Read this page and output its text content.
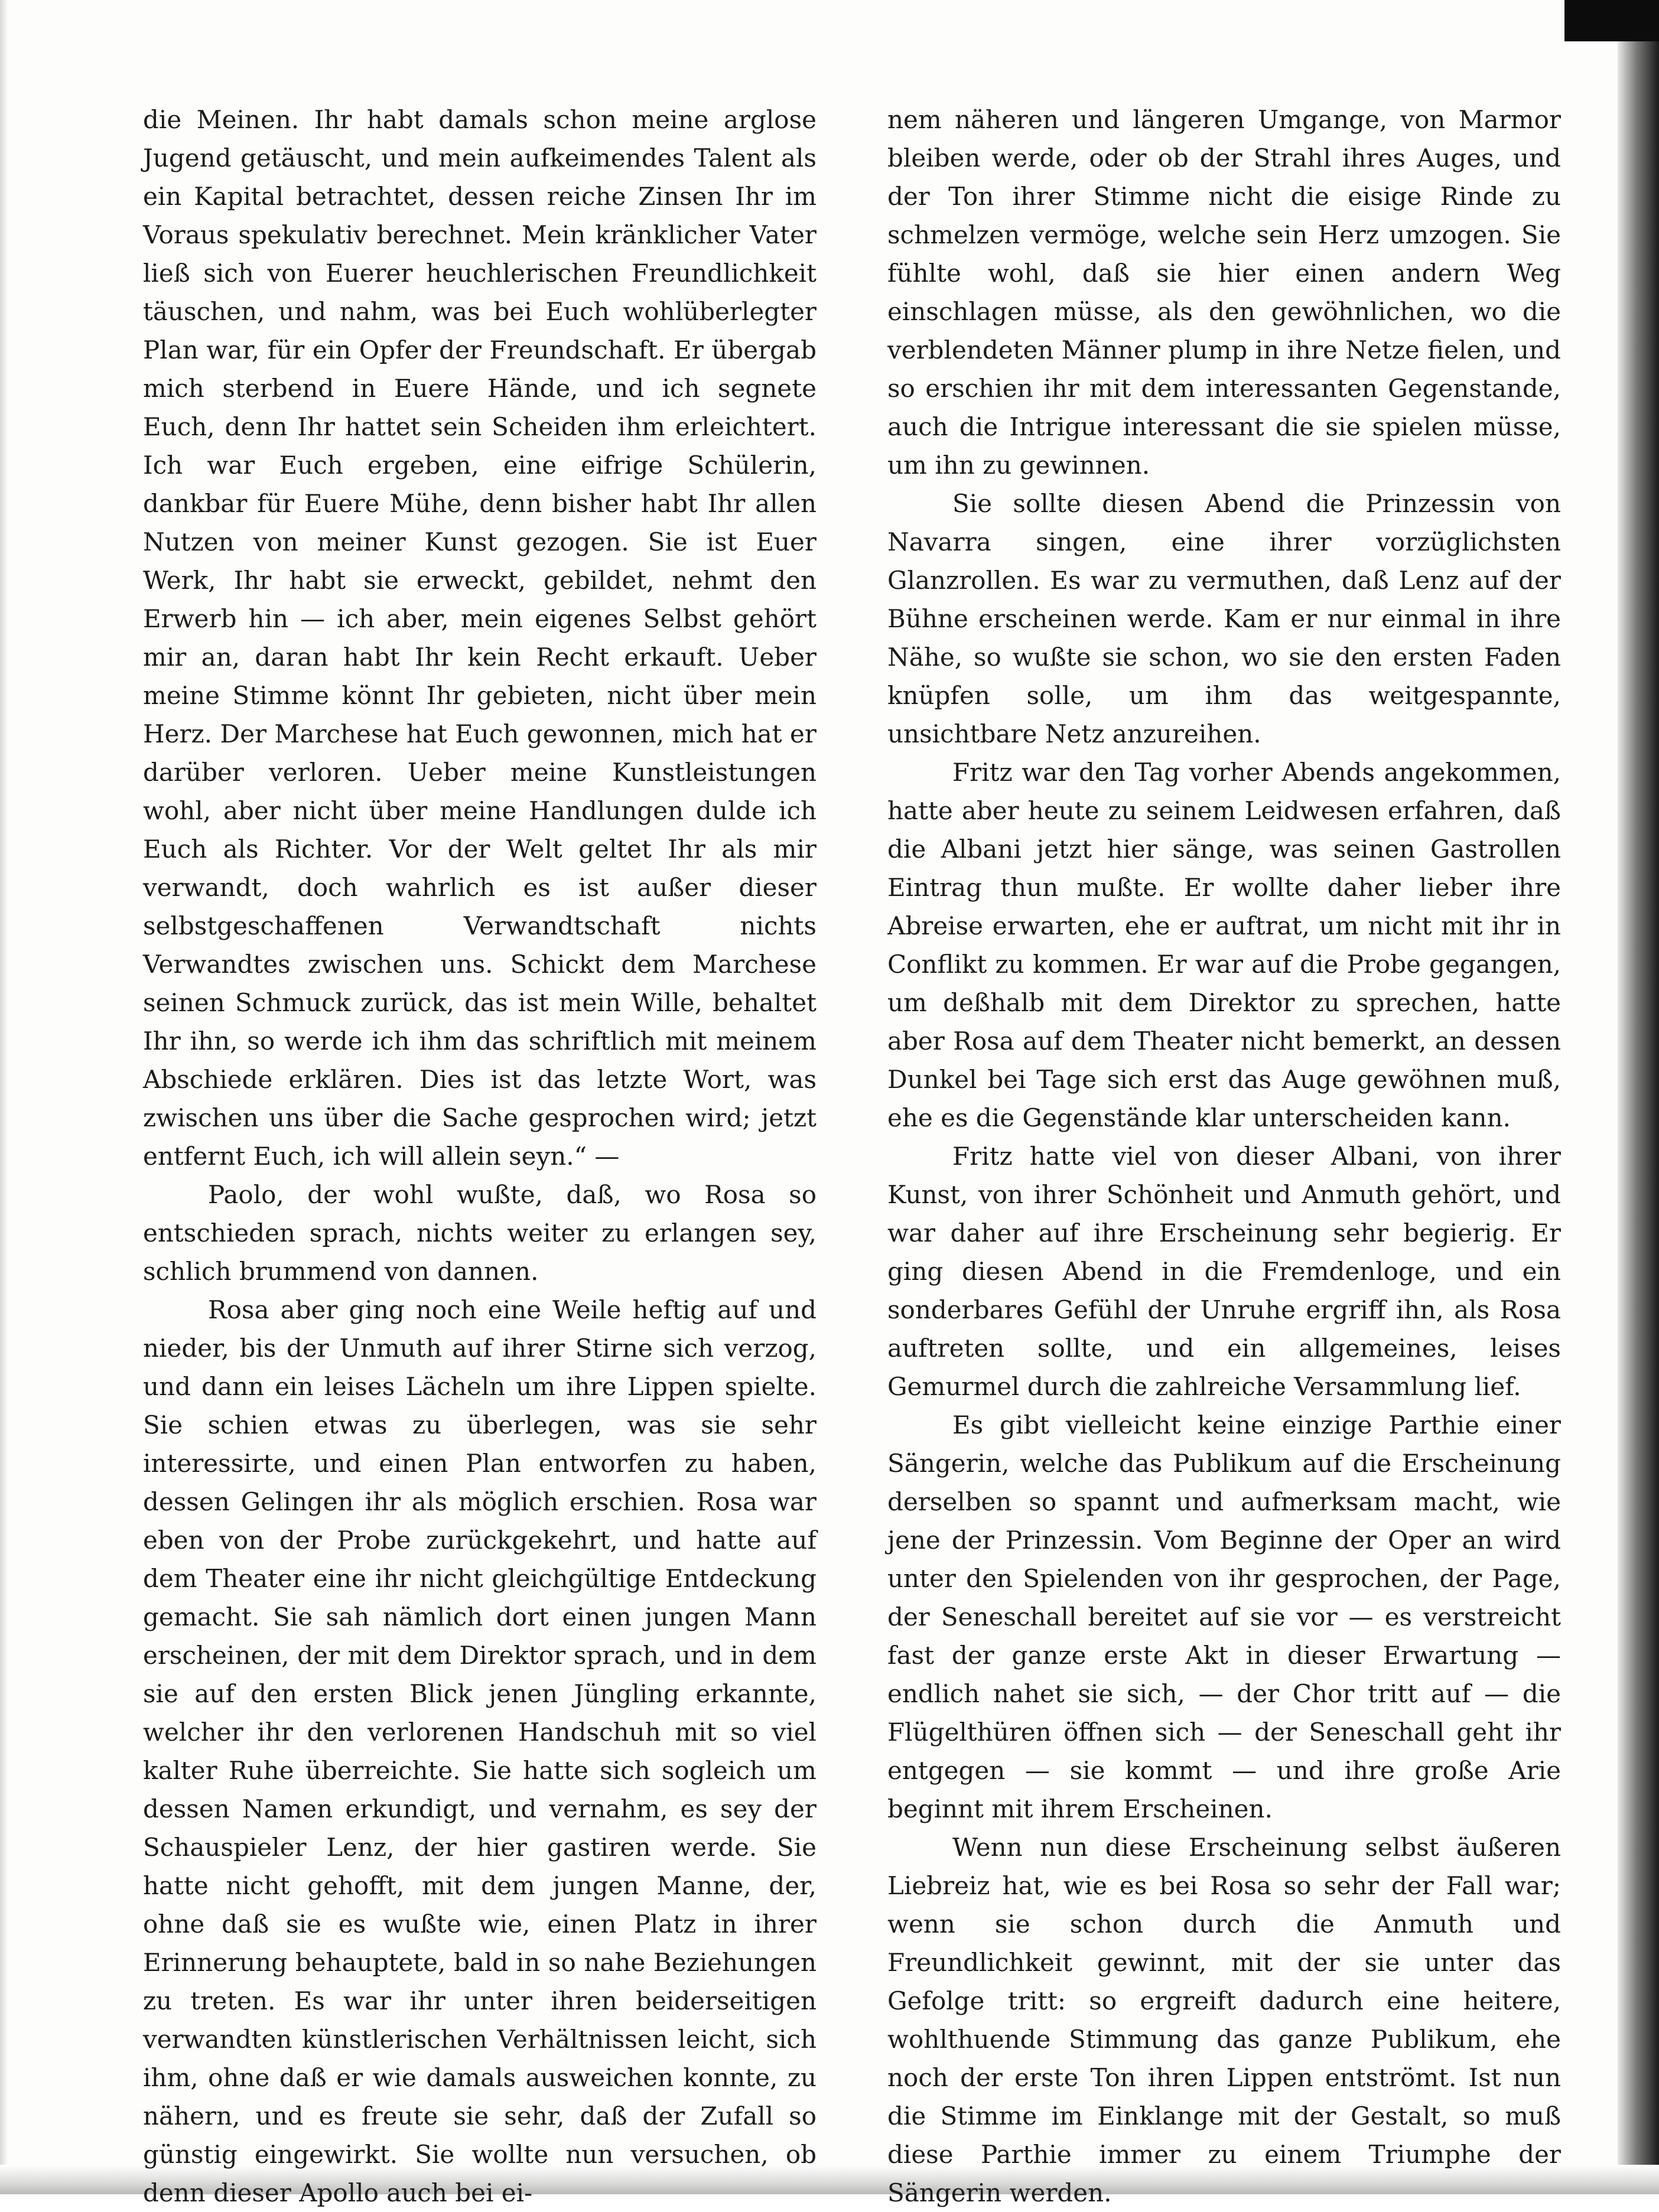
die Meinen. Ihr habt damals schon meine arglose Jugend getäuscht, und mein aufkeimendes Talent als ein Kapital betrachtet, dessen reiche Zinsen Ihr im Voraus spekulativ berechnet. Mein kränklicher Vater ließ sich von Euerer heuchlerischen Freundlichkeit täuschen, und nahm, was bei Euch wohlüberlegter Plan war, für ein Opfer der Freundschaft. Er übergab mich sterbend in Euere Hände, und ich segnete Euch, denn Ihr hattet sein Scheiden ihm erleichtert. Ich war Euch ergeben, eine eifrige Schülerin, dankbar für Euere Mühe, denn bisher habt Ihr allen Nutzen von meiner Kunst gezogen. Sie ist Euer Werk, Ihr habt sie erweckt, gebildet, nehmt den Erwerb hin — ich aber, mein eigenes Selbst gehört mir an, daran habt Ihr kein Recht erkauft. Ueber meine Stimme könnt Ihr gebieten, nicht über mein Herz. Der Marchese hat Euch gewonnen, mich hat er darüber verloren. Ueber meine Kunstleistungen wohl, aber nicht über meine Handlungen dulde ich Euch als Richter. Vor der Welt geltet Ihr als mir verwandt, doch wahrlich es ist außer dieser selbstgeschaffenen Verwandtschaft nichts Verwandtes zwischen uns. Schickt dem Marchese seinen Schmuck zurück, das ist mein Wille, behaltet Ihr ihn, so werde ich ihm das schriftlich mit meinem Abschiede erklären. Dies ist das letzte Wort, was zwischen uns über die Sache gesprochen wird; jetzt entfernt Euch, ich will allein seyn.“ —

Paolo, der wohl wußte, daß, wo Rosa so entschieden sprach, nichts weiter zu erlangen sey, schlich brummend von dannen.

Rosa aber ging noch eine Weile heftig auf und nieder, bis der Unmuth auf ihrer Stirne sich verzog, und dann ein leises Lächeln um ihre Lippen spielte. Sie schien etwas zu überlegen, was sie sehr interessirte, und einen Plan entworfen zu haben, dessen Gelingen ihr als möglich erschien. Rosa war eben von der Probe zurückgekehrt, und hatte auf dem Theater eine ihr nicht gleichgültige Entdeckung gemacht. Sie sah nämlich dort einen jungen Mann erscheinen, der mit dem Direktor sprach, und in dem sie auf den ersten Blick jenen Jüngling erkannte, welcher ihr den verlorenen Handschuh mit so viel kalter Ruhe überreichte. Sie hatte sich sogleich um dessen Namen erkundigt, und vernahm, es sey der Schauspieler Lenz, der hier gastiren werde. Sie hatte nicht gehofft, mit dem jungen Manne, der, ohne daß sie es wußte wie, einen Platz in ihrer Erinnerung behauptete, bald in so nahe Beziehungen zu treten. Es war ihr unter ihren beiderseitigen verwandten künstlerischen Verhältnissen leicht, sich ihm, ohne daß er wie damals ausweichen konnte, zu nähern, und es freute sie sehr, daß der Zufall so günstig eingewirkt. Sie wollte nun versuchen, ob denn dieser Apollo auch bei ei-

nem näheren und längeren Umgange, von Marmor bleiben werde, oder ob der Strahl ihres Auges, und der Ton ihrer Stimme nicht die eisige Rinde zu schmelzen vermöge, welche sein Herz umzogen. Sie fühlte wohl, daß sie hier einen andern Weg einschlagen müsse, als den gewöhnlichen, wo die verblendeten Männer plump in ihre Netze fielen, und so erschien ihr mit dem interessanten Gegenstande, auch die Intrigue interessant die sie spielen müsse, um ihn zu gewinnen.

Sie sollte diesen Abend die Prinzessin von Navarra singen, eine ihrer vorzüglichsten Glanzrollen. Es war zu vermuthen, daß Lenz auf der Bühne erscheinen werde. Kam er nur einmal in ihre Nähe, so wußte sie schon, wo sie den ersten Faden knüpfen solle, um ihm das weitgespannte, unsichtbare Netz anzureihen.

Fritz war den Tag vorher Abends angekommen, hatte aber heute zu seinem Leidwesen erfahren, daß die Albani jetzt hier sänge, was seinen Gastrollen Eintrag thun mußte. Er wollte daher lieber ihre Abreise erwarten, ehe er auftrat, um nicht mit ihr in Conflikt zu kommen. Er war auf die Probe gegangen, um deßhalb mit dem Direktor zu sprechen, hatte aber Rosa auf dem Theater nicht bemerkt, an dessen Dunkel bei Tage sich erst das Auge gewöhnen muß, ehe es die Gegenstände klar unterscheiden kann.

Fritz hatte viel von dieser Albani, von ihrer Kunst, von ihrer Schönheit und Anmuth gehört, und war daher auf ihre Erscheinung sehr begierig. Er ging diesen Abend in die Fremdenloge, und ein sonderbares Gefühl der Unruhe ergriff ihn, als Rosa auftreten sollte, und ein allgemeines, leises Gemurmel durch die zahlreiche Versammlung lief.

Es gibt vielleicht keine einzige Parthie einer Sängerin, welche das Publikum auf die Erscheinung derselben so spannt und aufmerksam macht, wie jene der Prinzessin. Vom Beginne der Oper an wird unter den Spielenden von ihr gesprochen, der Page, der Seneschall bereitet auf sie vor — es verstreicht fast der ganze erste Akt in dieser Erwartung — endlich nahet sie sich, — der Chor tritt auf — die Flügelthüren öffnen sich — der Seneschall geht ihr entgegen — sie kommt — und ihre große Arie beginnt mit ihrem Erscheinen.

Wenn nun diese Erscheinung selbst äußeren Liebreiz hat, wie es bei Rosa so sehr der Fall war; wenn sie schon durch die Anmuth und Freundlichkeit gewinnt, mit der sie unter das Gefolge tritt: so ergreift dadurch eine heitere, wohlthuende Stimmung das ganze Publikum, ehe noch der erste Ton ihren Lippen entströmt. Ist nun die Stimme im Einklange mit der Gestalt, so muß diese Parthie immer zu einem Triumphe der Sängerin werden.
